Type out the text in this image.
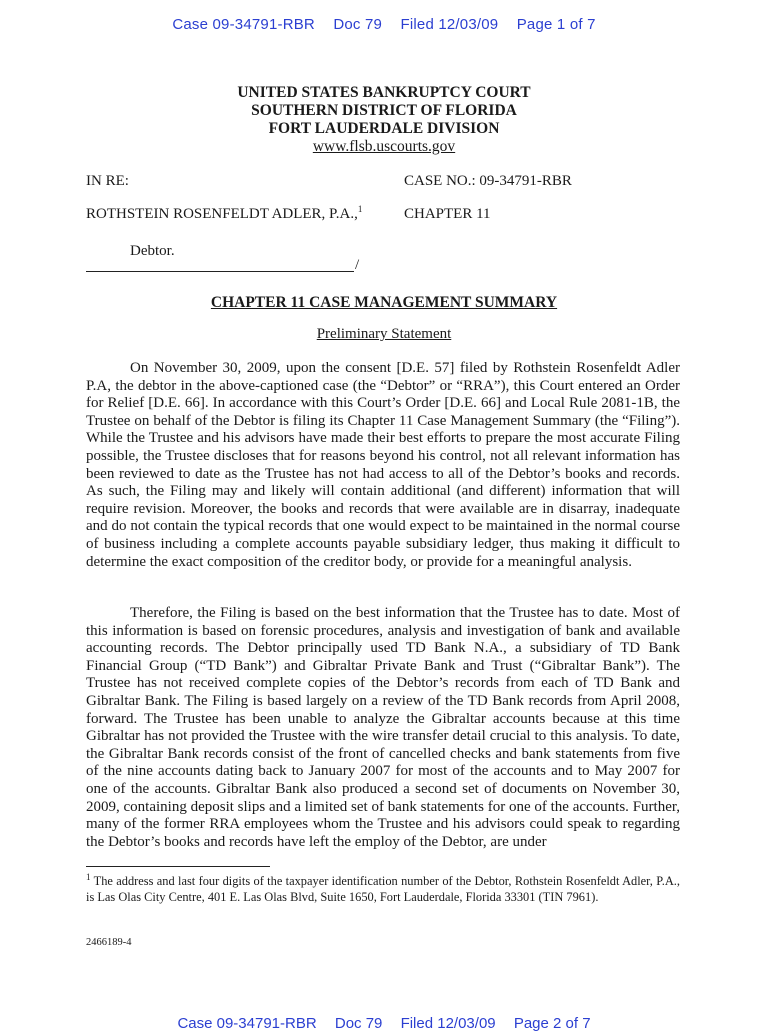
Case 09-34791-RBR Doc 79 Filed 12/03/09 Page 1 of 7
UNITED STATES BANKRUPTCY COURT
SOUTHERN DISTRICT OF FLORIDA
FORT LAUDERDALE DIVISION
www.flsb.uscourts.gov
IN RE:	CASE NO.: 09-34791-RBR
ROTHSTEIN ROSENFELDT ADLER, P.A.,$^1$	CHAPTER 11
Debtor.
/
CHAPTER 11 CASE MANAGEMENT SUMMARY
Preliminary Statement

On November 30, 2009, upon the consent [D.E. 57] filed by Rothstein Rosenfeldt Adler P.A, the debtor in the above-captioned case (the “Debtor” or “RRA”), this Court entered an Order for Relief [D.E. 66]. In accordance with this Court’s Order [D.E. 66] and Local Rule 2081-1B, the Trustee on behalf of the Debtor is filing its Chapter 11 Case Management Summary (the “Filing”). While the Trustee and his advisors have made their best efforts to prepare the most accurate Filing possible, the Trustee discloses that for reasons beyond his control, not all relevant information has been reviewed to date as the Trustee has not had access to all of the Debtor’s books and records. As such, the Filing may and likely will contain additional (and different) information that will require revision. Moreover, the books and records that were available are in disarray, inadequate and do not contain the typical records that one would expect to be maintained in the normal course of business including a complete accounts payable subsidiary ledger, thus making it difficult to determine the exact composition of the creditor body, or provide for a meaningful analysis.

Therefore, the Filing is based on the best information that the Trustee has to date. Most of this information is based on forensic procedures, analysis and investigation of bank and available accounting records. The Debtor principally used TD Bank N.A., a subsidiary of TD Bank Financial Group (“TD Bank”) and Gibraltar Private Bank and Trust (“Gibraltar Bank”). The Trustee has not received complete copies of the Debtor’s records from each of TD Bank and Gibraltar Bank. The Filing is based largely on a review of the TD Bank records from April 2008, forward. The Trustee has been unable to analyze the Gibraltar accounts because at this time Gibraltar has not provided the Trustee with the wire transfer detail crucial to this analysis. To date, the Gibraltar Bank records consist of the front of cancelled checks and bank statements from five of the nine accounts dating back to January 2007 for most of the accounts and to May 2007 for one of the accounts. Gibraltar Bank also produced a second set of documents on November 30, 2009, containing deposit slips and a limited set of bank statements for one of the accounts. Further, many of the former RRA employees whom the Trustee and his advisors could speak to regarding the Debtor’s books and records have left the employ of the Debtor, are under

$^1$ The address and last four digits of the taxpayer identification number of the Debtor, Rothstein Rosenfeldt Adler, P.A., is Las Olas City Centre, 401 E. Las Olas Blvd, Suite 1650, Fort Lauderdale, Florida 33301 (TIN 7961).

2466189-4
Case 09-34791-RBR Doc 79 Filed 12/03/09 Page 2 of 7
